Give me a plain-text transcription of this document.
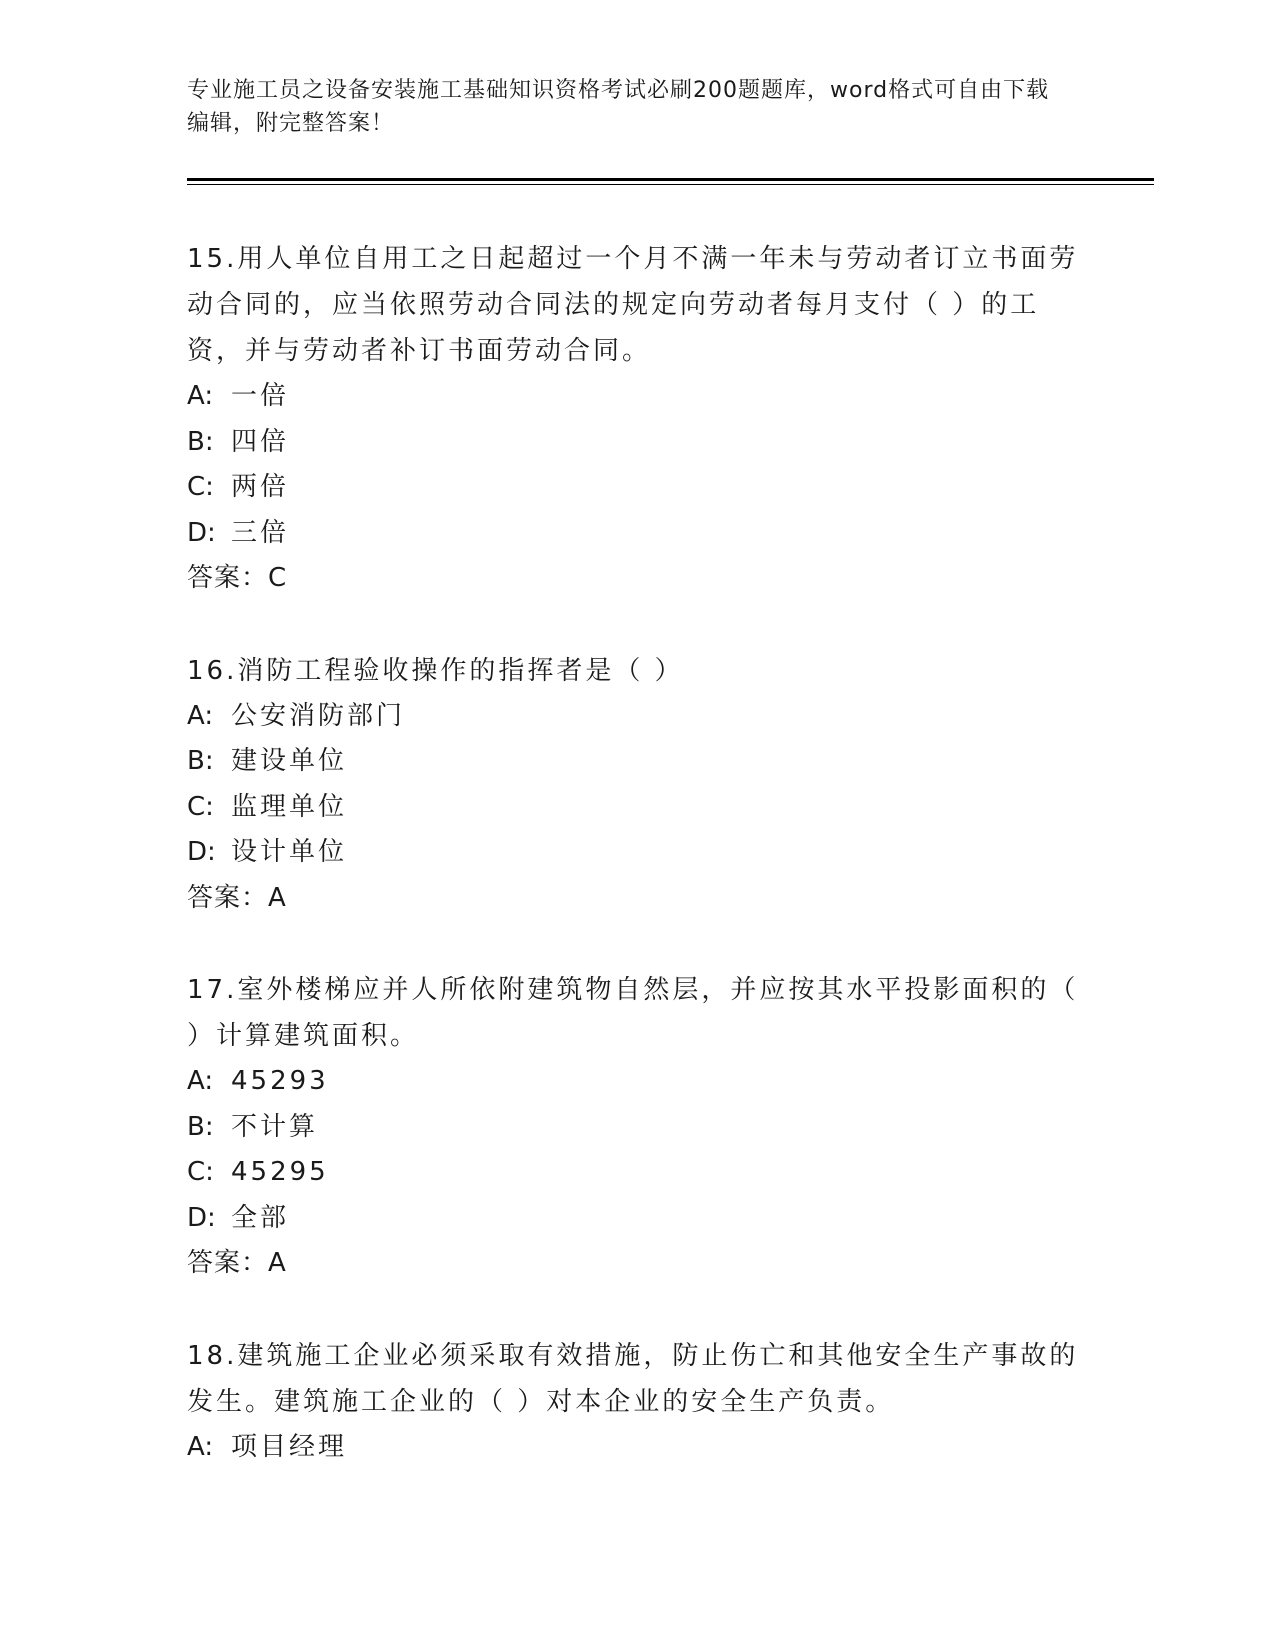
专业施工员之设备安装施工基础知识资格考试必刷200题题库，word格式可自由下载编辑，附完整答案！

15.用人单位自用工之日起超过一个月不满一年未与劳动者订立书面劳动合同的，应当依照劳动合同法的规定向劳动者每月支付（ ）的工资，并与劳动者补订书面劳动合同。

A: 一倍

B: 四倍

C: 两倍

D: 三倍

答案：C

16.消防工程验收操作的指挥者是（ ）

A: 公安消防部门

B: 建设单位

C: 监理单位

D: 设计单位

答案：A

17.室外楼梯应并人所依附建筑物自然层，并应按其水平投影面积的（ ）计算建筑面积。

A: 45293

B: 不计算

C: 45295

D: 全部

答案：A

18.建筑施工企业必须采取有效措施，防止伤亡和其他安全生产事故的发生。建筑施工企业的（ ）对本企业的安全生产负责。

A: 项目经理
